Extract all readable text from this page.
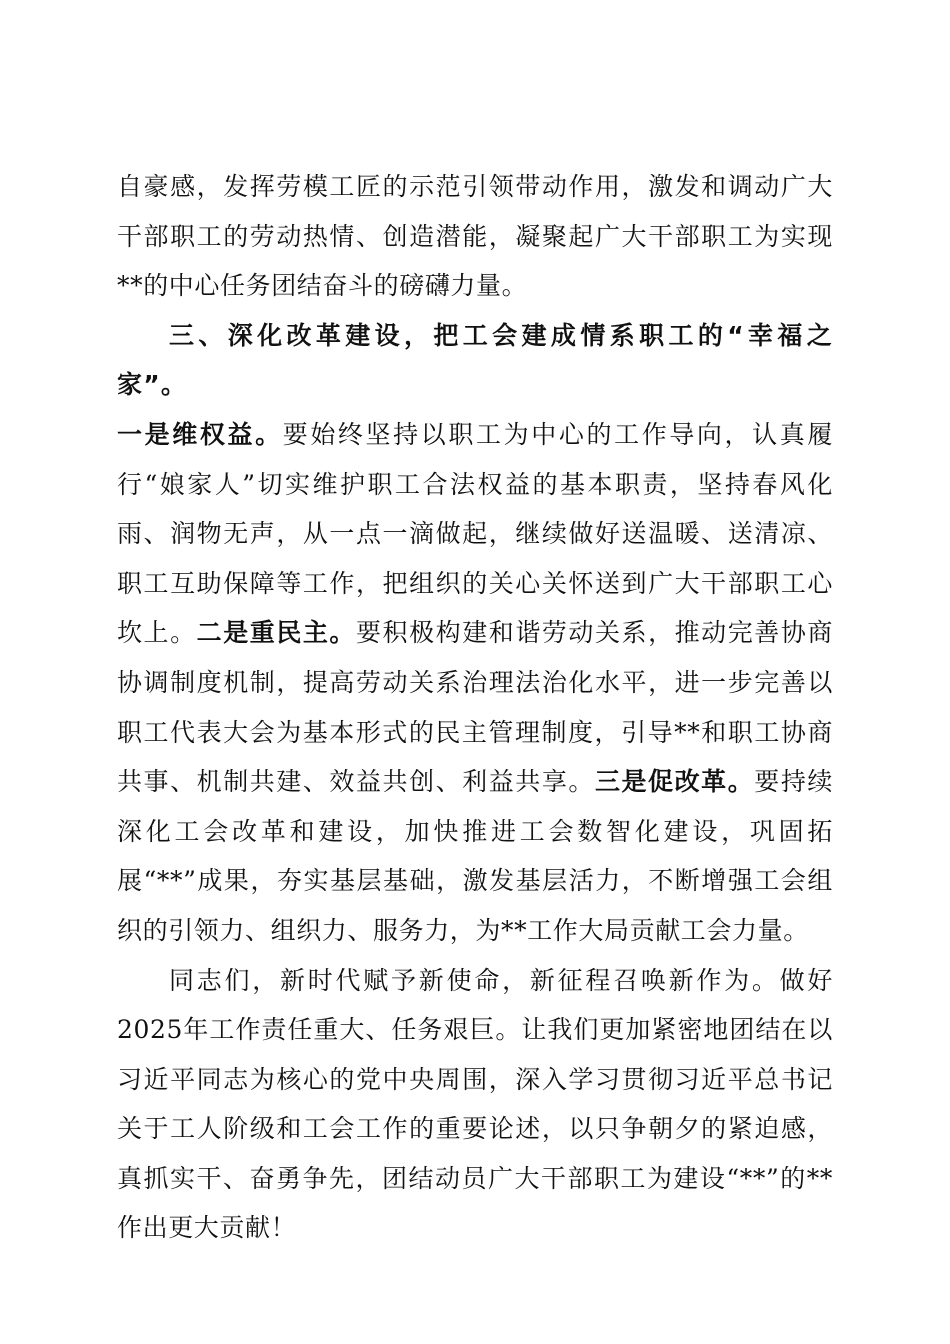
自豪感，发挥劳模工匠的示范引领带动作用，激发和调动广大干部职工的劳动热情、创造潜能，凝聚起广大干部职工为实现**的中心任务团结奋斗的磅礴力量。

三、深化改革建设，把工会建成情系职工的“幸福之家”。

一是维权益。要始终坚持以职工为中心的工作导向，认真履行“娘家人”切实维护职工合法权益的基本职责，坚持春风化雨、润物无声，从一点一滴做起，继续做好送温暖、送清凉、职工互助保障等工作，把组织的关心关怀送到广大干部职工心坎上。二是重民主。要积极构建和谐劳动关系，推动完善协商协调制度机制，提高劳动关系治理法治化水平，进一步完善以职工代表大会为基本形式的民主管理制度，引导**和职工协商共事、机制共建、效益共创、利益共享。三是促改革。要持续深化工会改革和建设，加快推进工会数智化建设，巩固拓展“**”成果，夯实基层基础，激发基层活力，不断增强工会组织的引领力、组织力、服务力，为**工作大局贡献工会力量。

同志们，新时代赋予新使命，新征程召唤新作为。做好2025年工作责任重大、任务艰巨。让我们更加紧密地团结在以习近平同志为核心的党中央周围，深入学习贯彻习近平总书记关于工人阶级和工会工作的重要论述，以只争朝夕的紧迫感，真抓实干、奋勇争先，团结动员广大干部职工为建设“**”的**作出更大贡献！
